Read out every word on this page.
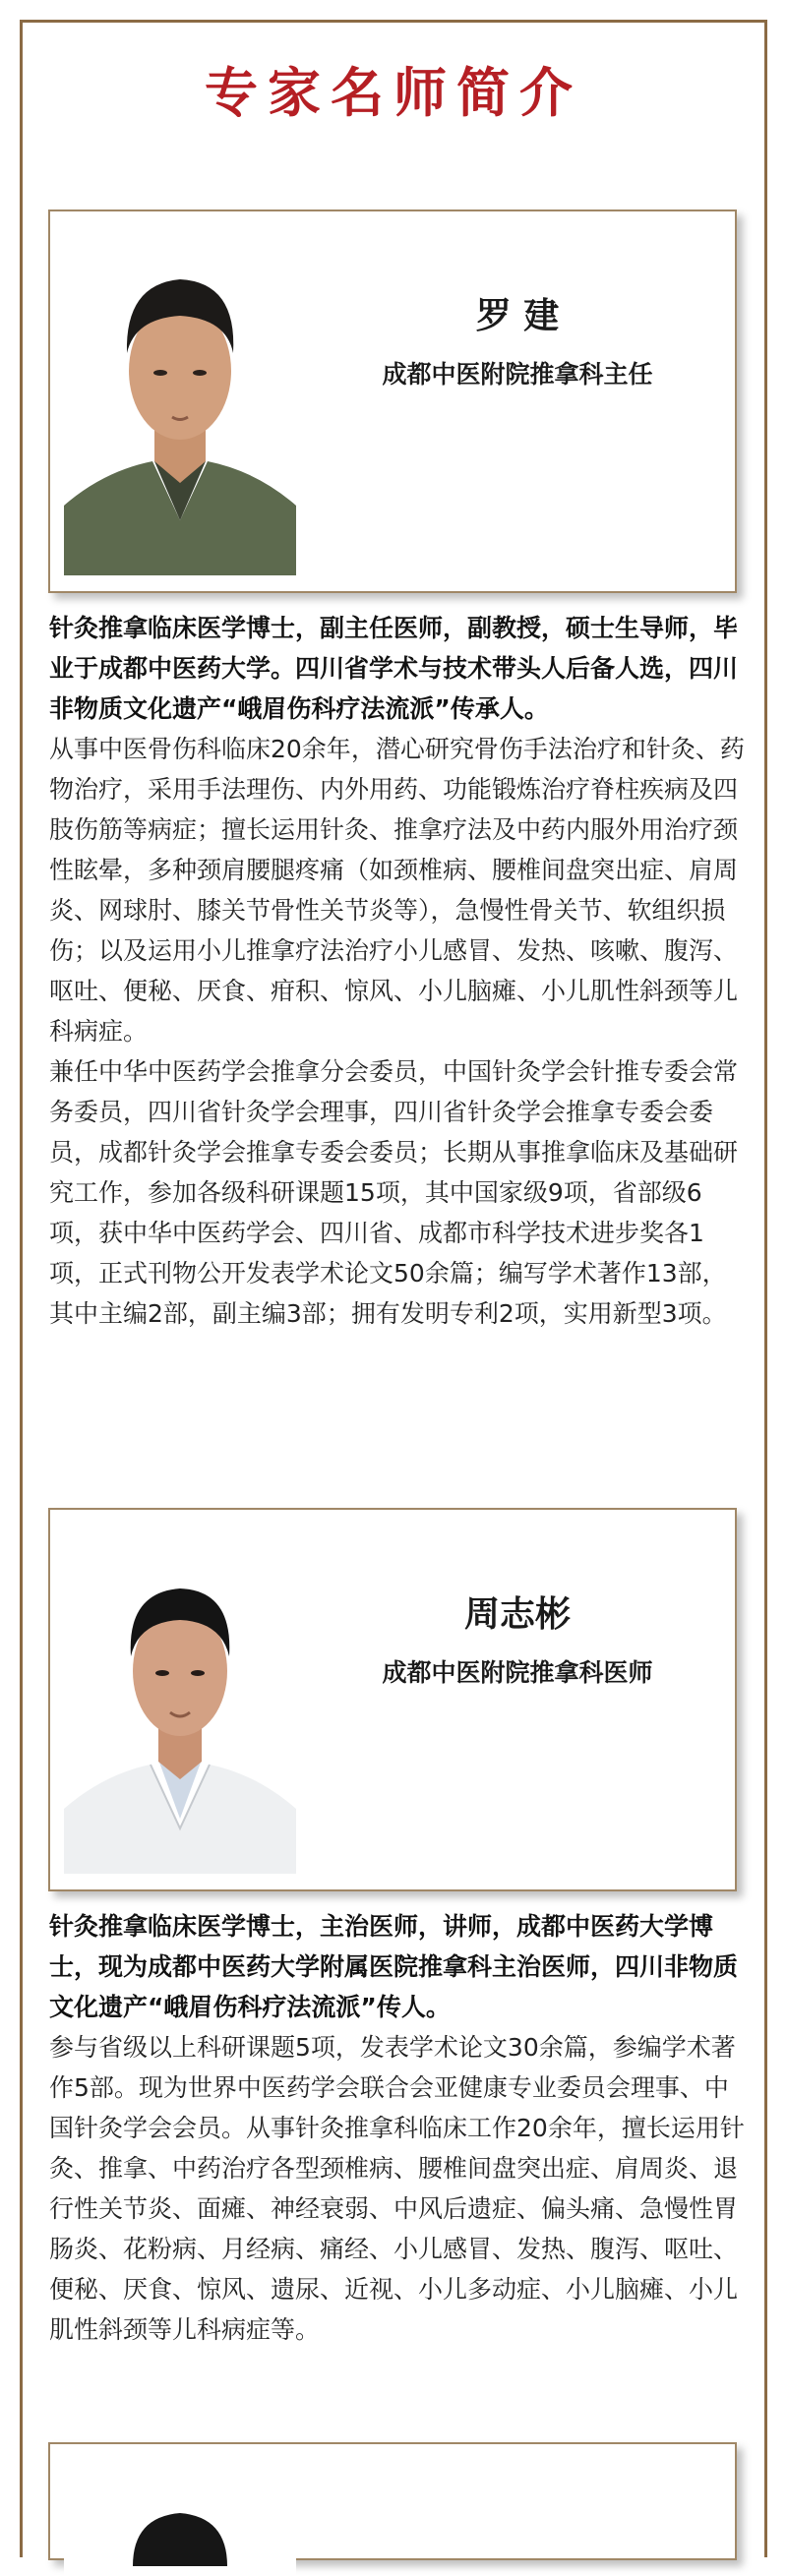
专家名师简介
罗 建
成都中医附院推拿科主任

针灸推拿临床医学博士，副主任医师，副教授，硕士生导师，毕业于成都中医药大学。四川省学术与技术带头人后备人选，四川非物质文化遗产“峨眉伤科疗法流派”传承人。

从事中医骨伤科临床20余年，潜心研究骨伤手法治疗和针灸、药物治疗，采用手法理伤、内外用药、功能锻炼治疗脊柱疾病及四肢伤筋等病症；擅长运用针灸、推拿疗法及中药内服外用治疗颈性眩晕，多种颈肩腰腿疼痛（如颈椎病、腰椎间盘突出症、肩周炎、网球肘、膝关节骨性关节炎等），急慢性骨关节、软组织损伤；以及运用小儿推拿疗法治疗小儿感冒、发热、咳嗽、腹泻、呕吐、便秘、厌食、疳积、惊风、小儿脑瘫、小儿肌性斜颈等儿科病症。

兼任中华中医药学会推拿分会委员，中国针灸学会针推专委会常务委员，四川省针灸学会理事，四川省针灸学会推拿专委会委员，成都针灸学会推拿专委会委员；长期从事推拿临床及基础研究工作，参加各级科研课题15项，其中国家级9项，省部级6项，获中华中医药学会、四川省、成都市科学技术进步奖各1项，正式刊物公开发表学术论文50余篇；编写学术著作13部，其中主编2部，副主编3部；拥有发明专利2项，实用新型3项。

周志彬
成都中医附院推拿科医师

针灸推拿临床医学博士，主治医师，讲师，成都中医药大学博士，现为成都中医药大学附属医院推拿科主治医师，四川非物质文化遗产“峨眉伤科疗法流派”传人。

参与省级以上科研课题5项，发表学术论文30余篇，参编学术著作5部。现为世界中医药学会联合会亚健康专业委员会理事、中国针灸学会会员。从事针灸推拿科临床工作20余年，擅长运用针灸、推拿、中药治疗各型颈椎病、腰椎间盘突出症、肩周炎、退行性关节炎、面瘫、神经衰弱、中风后遗症、偏头痛、急慢性胃肠炎、花粉病、月经病、痛经、小儿感冒、发热、腹泻、呕吐、便秘、厌食、惊风、遗尿、近视、小儿多动症、小儿脑瘫、小儿肌性斜颈等儿科病症等。
